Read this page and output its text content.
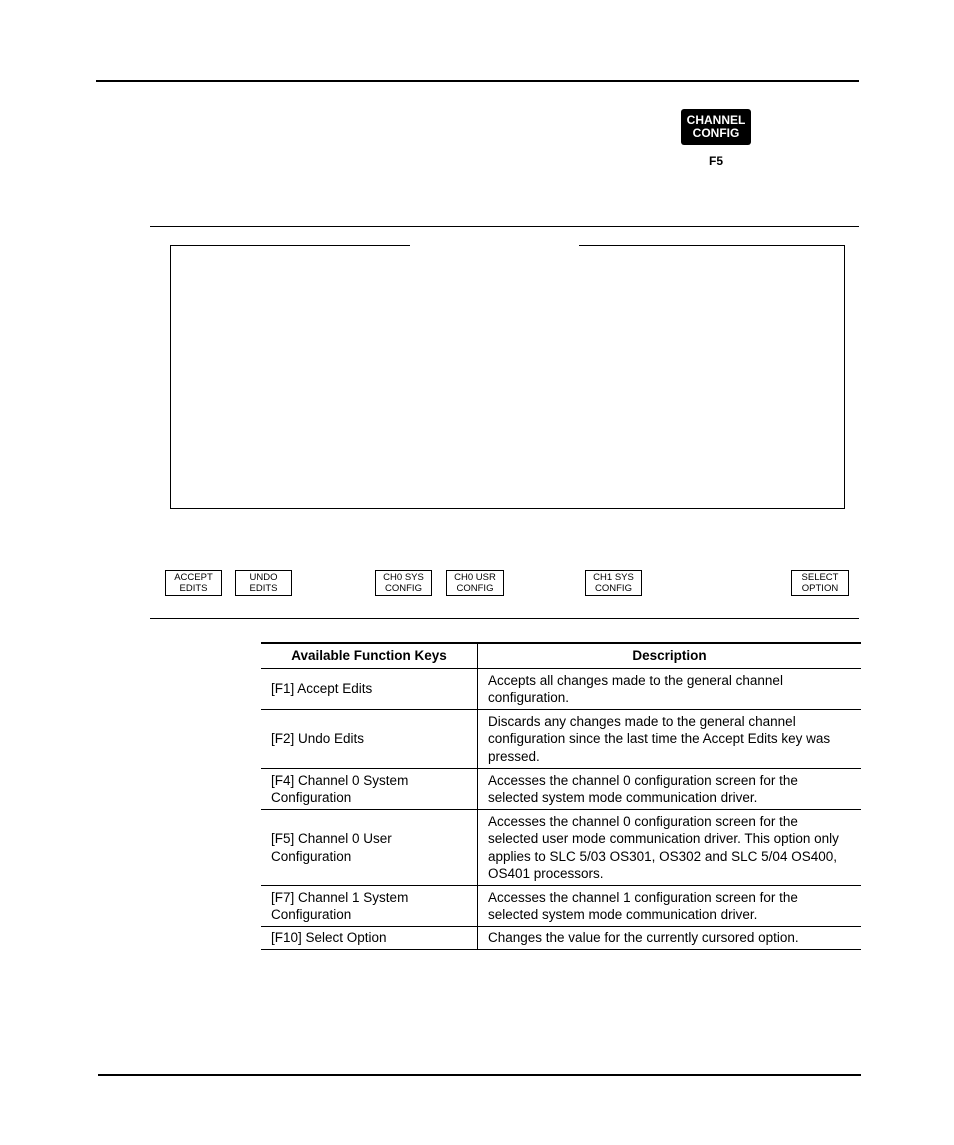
CHANNEL
CONFIG
F5
ACCEPT
EDITS
UNDO
EDITS
CH0 SYS
CONFIG
CH0 USR
CONFIG
CH1 SYS
CONFIG
SELECT
OPTION
Available Function Keys	Description
[F1] Accept Edits	Accepts all changes made to the general channel configuration.
[F2] Undo Edits	Discards any changes made to the general channel configuration since the last time the Accept Edits key was pressed.
[F4] Channel 0 System Configuration	Accesses the channel 0 configuration screen for the selected system mode communication driver.
[F5] Channel 0 User Configuration	Accesses the channel 0 configuration screen for the selected user mode communication driver. This option only applies to SLC 5/03 OS301, OS302 and SLC 5/04 OS400, OS401 processors.
[F7] Channel 1 System Configuration	Accesses the channel 1 configuration screen for the selected system mode communication driver.
[F10] Select Option	Changes the value for the currently cursored option.
